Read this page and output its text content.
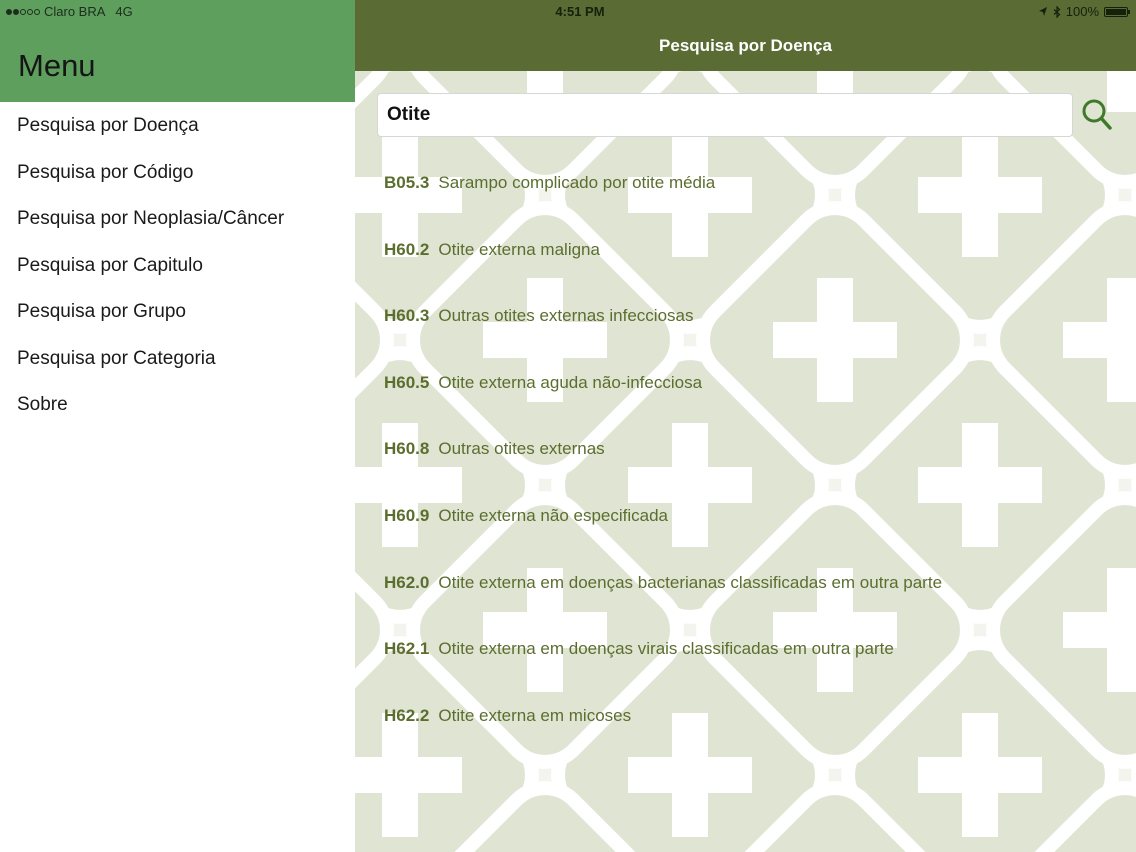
Claro BRA 4G
Menu
Pesquisa por Doença
Pesquisa por Código
Pesquisa por Neoplasia/Câncer
Pesquisa por Capitulo
Pesquisa por Grupo
Pesquisa por Categoria
Sobre
4:51 PM	100%
Pesquisa por Doença
Otite
B05.3 Sarampo complicado por otite média
H60.2 Otite externa maligna
H60.3 Outras otites externas infecciosas
H60.5 Otite externa aguda não-infecciosa
H60.8 Outras otites externas
H60.9 Otite externa não especificada
H62.0 Otite externa em doenças bacterianas classificadas em outra parte
H62.1 Otite externa em doenças virais classificadas em outra parte
H62.2 Otite externa em micoses
